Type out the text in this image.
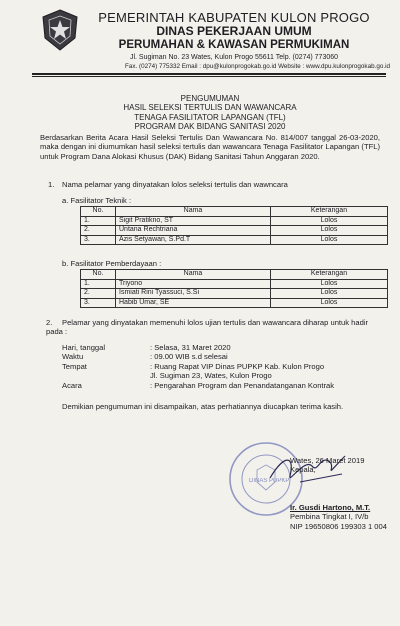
PEMERINTAH KABUPATEN KULON PROGO
DINAS PEKERJAAN UMUM
PERUMAHAN & KAWASAN PERMUKIMAN
Jl. Sugiman No. 23 Wates, Kulon Progo 55611 Telp. (0274) 773060
Fax. (0274) 775332 Email : dpu@kulonprogokab.go.id Website : www.dpu.kulonprogokab.go.id
PENGUMUMAN
HASIL SELEKSI TERTULIS DAN WAWANCARA
TENAGA FASILITATOR LAPANGAN (TFL)
PROGRAM DAK BIDANG SANITASI 2020
Berdasarkan Berita Acara Hasil Seleksi Tertulis Dan Wawancara No. 814/007 tanggal 26-03-2020, maka dengan ini diumumkan hasil seleksi tertulis dan wawancara Tenaga Fasilitator Lapangan (TFL) untuk Program Dana Alokasi Khusus (DAK) Bidang Sanitasi Tahun Anggaran 2020.
1. Nama pelamar yang dinyatakan lolos seleksi tertulis dan wawncara
a. Fasilitator Teknik :
No.	Nama	Keterangan
1.	Sigit Pratikno, ST	Lolos
2.	Untana Rechtriana	Lolos
3.	Azis Setyawan, S.Pd.T	Lolos
b. Fasilitator Pemberdayaan :
No.	Nama	Keterangan
1.	Triyono	Lolos
2.	Ismiati Rini Tyassuci, S.Si	Lolos
3.	Habib Umar, SE	Lolos
2. Pelamar yang dinyatakan memenuhi lolos ujian tertulis dan wawancara diharap untuk hadir pada :
Hari, tanggal	: Selasa, 31 Maret 2020
Waktu	: 09.00 WIB s.d selesai
Tempat	: Ruang Rapat VIP Dinas PUPKP Kab. Kulon Progo
Jl. Sugiman 23, Wates, Kulon Progo
Acara	: Pengarahan Program dan Penandatanganan Kontrak
Demikian pengumuman ini disampaikan, atas perhatiannya diucapkan terima kasih.
DINAS PUPKP
Wates, 26 Maret 2019
Kepala,
Ir. Gusdi Hartono, M.T.
Pembina Tingkat I, IV/b
NIP 19650806 199303 1 004
